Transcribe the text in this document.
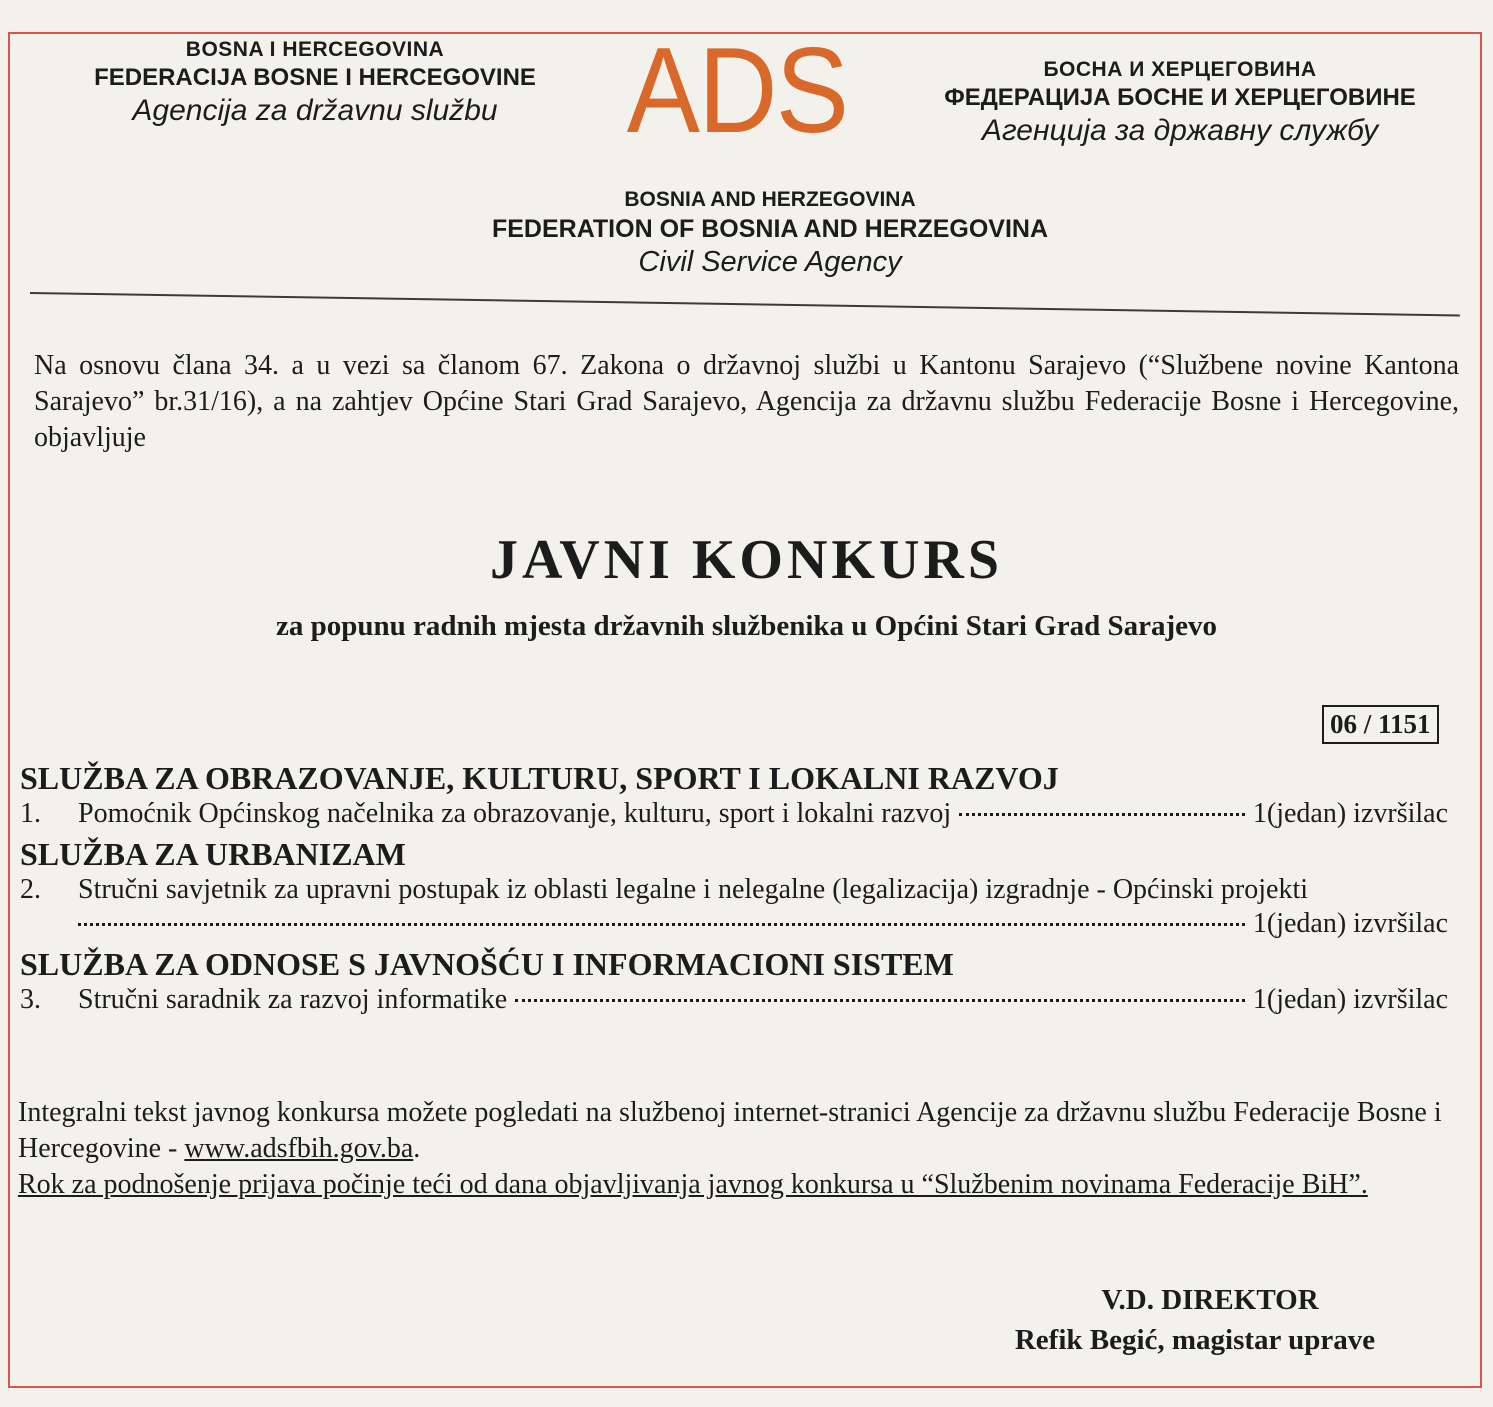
BOSNA I HERCEGOVINA
FEDERACIJA BOSNE I HERCEGOVINE
Agencija za državnu službu	ADS	БОСНА И ХЕРЦЕГОВИНА
ФЕДЕРАЦИЈА БОСНЕ И ХЕРЦЕГОВИНЕ
Агенција за државну службу
BOSNIA AND HERZEGOVINA
FEDERATION OF BOSNIA AND HERZEGOVINA
Civil Service Agency
Na osnovu člana 34. a u vezi sa članom 67. Zakona o državnoj službi u Kantonu Sarajevo (“Službene novine Kantona Sarajevo” br.31/16), a na zahtjev Općine Stari Grad Sarajevo, Agencija za državnu službu Federacije Bosne i Hercegovine, objavljuje
JAVNI KONKURS
za popunu radnih mjesta državnih službenika u Općini Stari Grad Sarajevo
06 / 1151
SLUŽBA ZA OBRAZOVANJE, KULTURU, SPORT I LOKALNI RAZVOJ
1.	Pomoćnik Općinskog načelnika za obrazovanje, kulturu, sport i lokalni razvoj	1(jedan) izvršilac
SLUŽBA ZA URBANIZAM
2.	Stručni savjetnik za upravni postupak iz oblasti legalne i nelegalne (legalizacija) izgradnje - Općinski projekti
1(jedan) izvršilac
SLUŽBA ZA ODNOSE S JAVNOŠĆU I INFORMACIONI SISTEM
3.	Stručni saradnik za razvoj informatike	1(jedan) izvršilac
Integralni tekst javnog konkursa možete pogledati na službenoj internet-stranici Agencije za državnu službu Federacije Bosne i Hercegovine - www.adsfbih.gov.ba.
Rok za podnošenje prijava počinje teći od dana objavljivanja javnog konkursa u “Službenim novinama Federacije BiH”.
V.D. DIREKTOR
Refik Begić, magistar uprave
